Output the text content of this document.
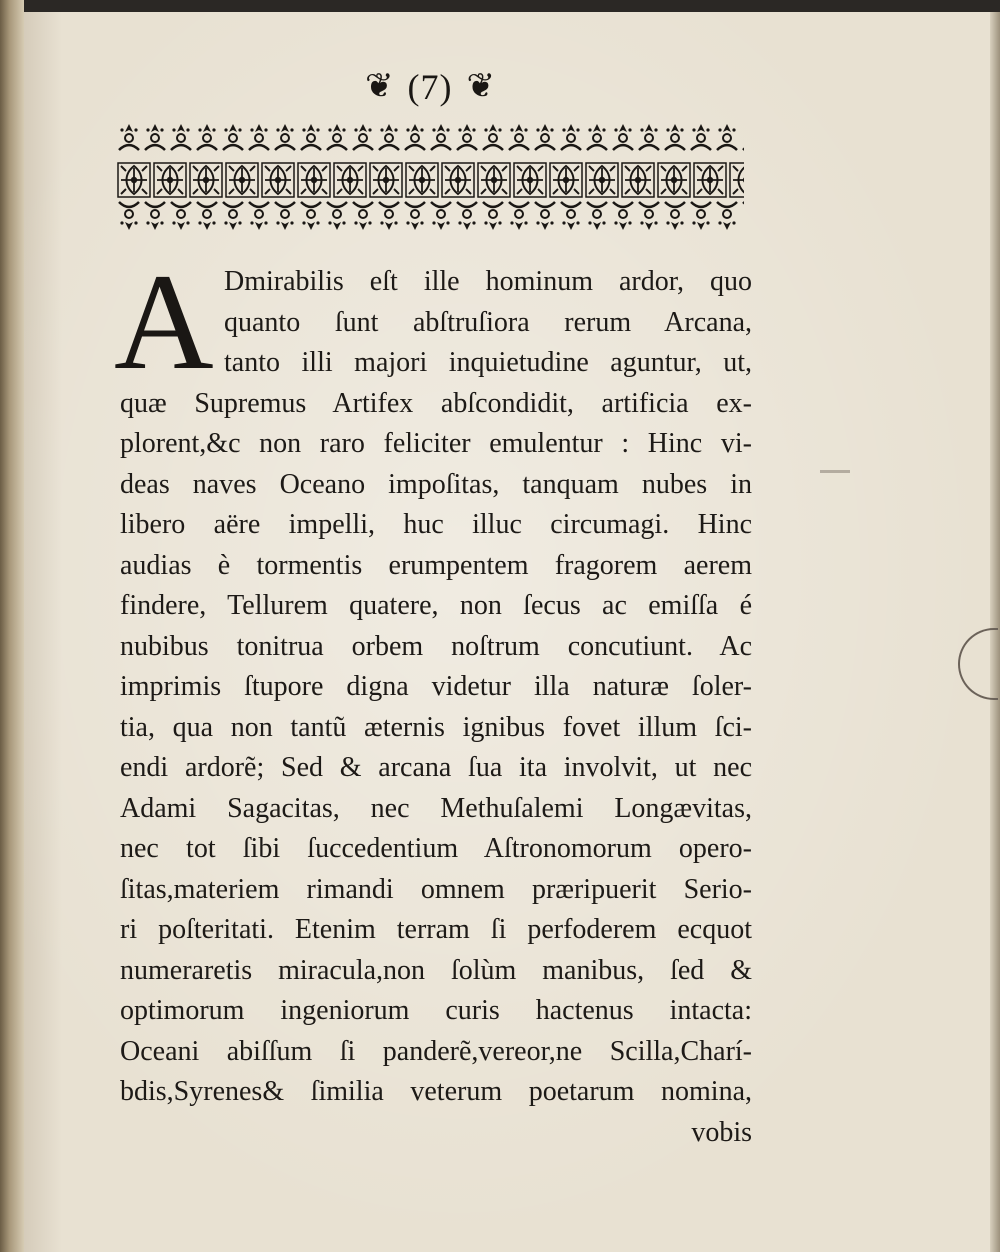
❦ (7) ❦
A Dmirabilis eſt ille hominum ardor, quo
quanto ſunt abſtruſiora rerum Arcana,
tanto illi majori inquietudine aguntur, ut,
quæ Supremus Artifex abſcondidit, artificia ex-
plorent,&c non raro feliciter emulentur : Hinc vi-
deas naves Oceano impoſitas, tanquam nubes in
libero aëre impelli, huc illuc circumagi. Hinc
audias è tormentis erumpentem fragorem aerem
findere, Tellurem quatere, non ſecus ac emiſſa é
nubibus tonitrua orbem noſtrum concutiunt. Ac
imprimis ſtupore digna videtur illa naturæ ſoler-
tia, qua non tantũ æternis ignibus fovet illum ſci-
endi ardorẽ; Sed & arcana ſua ita involvit, ut nec
Adami Sagacitas, nec Methuſalemi Longævitas,
nec tot ſibi ſuccedentium Aſtronomorum opero-
ſitas,materiem rimandi omnem præripuerit Serio-
ri poſteritati. Etenim terram ſi perfoderem ecquot
numeraretis miracula,non ſolùm manibus, ſed &
optimorum ingeniorum curis hactenus intacta:
Oceani abiſſum ſi panderẽ,vereor,ne Scilla,Charí-
bdis,Syrenes& ſimilia veterum poetarum nomina,
vobis
